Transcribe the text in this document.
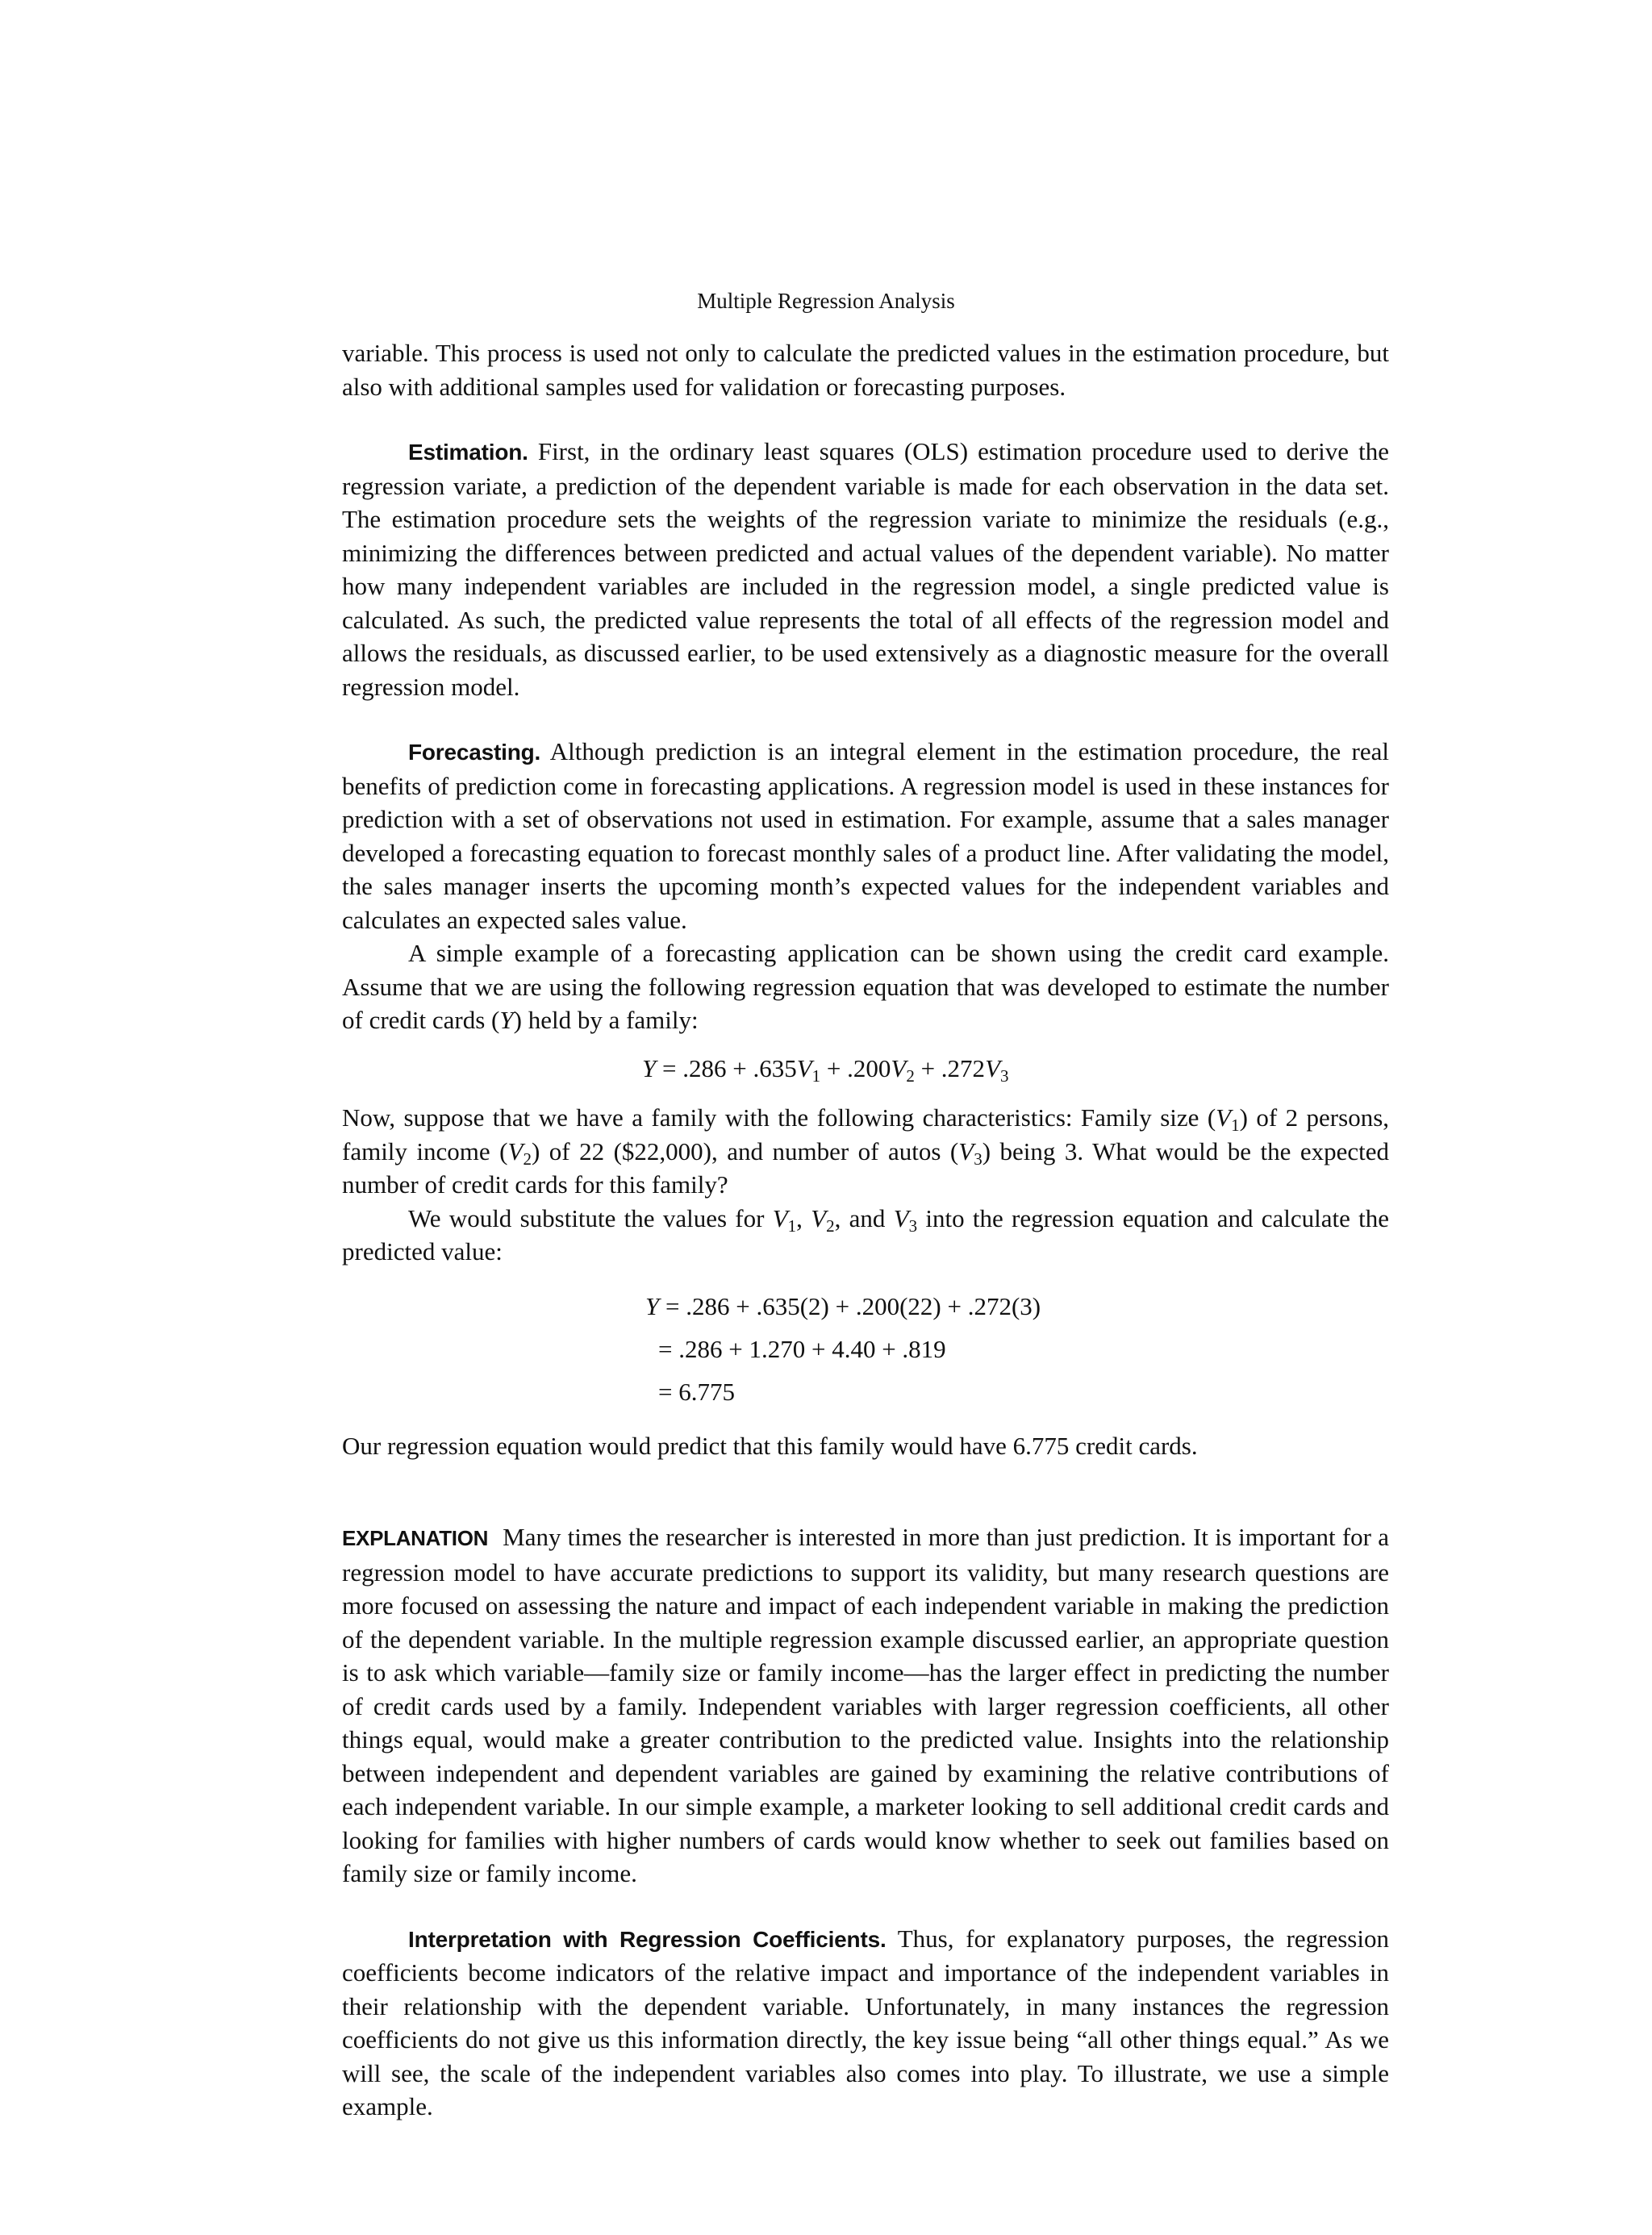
Multiple Regression Analysis

variable. This process is used not only to calculate the predicted values in the estimation procedure, but also with additional samples used for validation or forecasting purposes.

Estimation. First, in the ordinary least squares (OLS) estimation procedure used to derive the regression variate, a prediction of the dependent variable is made for each observation in the data set. The estimation procedure sets the weights of the regression variate to minimize the residuals (e.g., minimizing the differences between predicted and actual values of the dependent variable). No matter how many independent variables are included in the regression model, a single predicted value is calculated. As such, the predicted value represents the total of all effects of the regression model and allows the residuals, as discussed earlier, to be used extensively as a diagnostic measure for the overall regression model.

Forecasting. Although prediction is an integral element in the estimation procedure, the real benefits of prediction come in forecasting applications. A regression model is used in these instances for prediction with a set of observations not used in estimation. For example, assume that a sales manager developed a forecasting equation to forecast monthly sales of a product line. After validating the model, the sales manager inserts the upcoming month’s expected values for the independent variables and calculates an expected sales value.

A simple example of a forecasting application can be shown using the credit card example. Assume that we are using the following regression equation that was developed to estimate the number of credit cards (Y) held by a family:

$Y = .286 + .635V_1 + .200V_2 + .272V_3$

Now, suppose that we have a family with the following characteristics: Family size $(V_1)$ of 2 persons, family income $(V_2)$ of 22 ($22,000), and number of autos $(V_3)$ being 3. What would be the expected number of credit cards for this family?

We would substitute the values for $V_1$, $V_2$, and $V_3$ into the regression equation and calculate the predicted value:

Y = .286 + .635(2) + .200(22) + .272(3)
= .286 + 1.270 + 4.40 + .819
= 6.775

Our regression equation would predict that this family would have 6.775 credit cards.

EXPLANATION Many times the researcher is interested in more than just prediction. It is important for a regression model to have accurate predictions to support its validity, but many research questions are more focused on assessing the nature and impact of each independent variable in making the prediction of the dependent variable. In the multiple regression example discussed earlier, an appropriate question is to ask which variable—family size or family income—has the larger effect in predicting the number of credit cards used by a family. Independent variables with larger regression coefficients, all other things equal, would make a greater contribution to the predicted value. Insights into the relationship between independent and dependent variables are gained by examining the relative contributions of each independent variable. In our simple example, a marketer looking to sell additional credit cards and looking for families with higher numbers of cards would know whether to seek out families based on family size or family income.

Interpretation with Regression Coefficients. Thus, for explanatory purposes, the regression coefficients become indicators of the relative impact and importance of the independent variables in their relationship with the dependent variable. Unfortunately, in many instances the regression coefficients do not give us this information directly, the key issue being “all other things equal.” As we will see, the scale of the independent variables also comes into play. To illustrate, we use a simple example.
